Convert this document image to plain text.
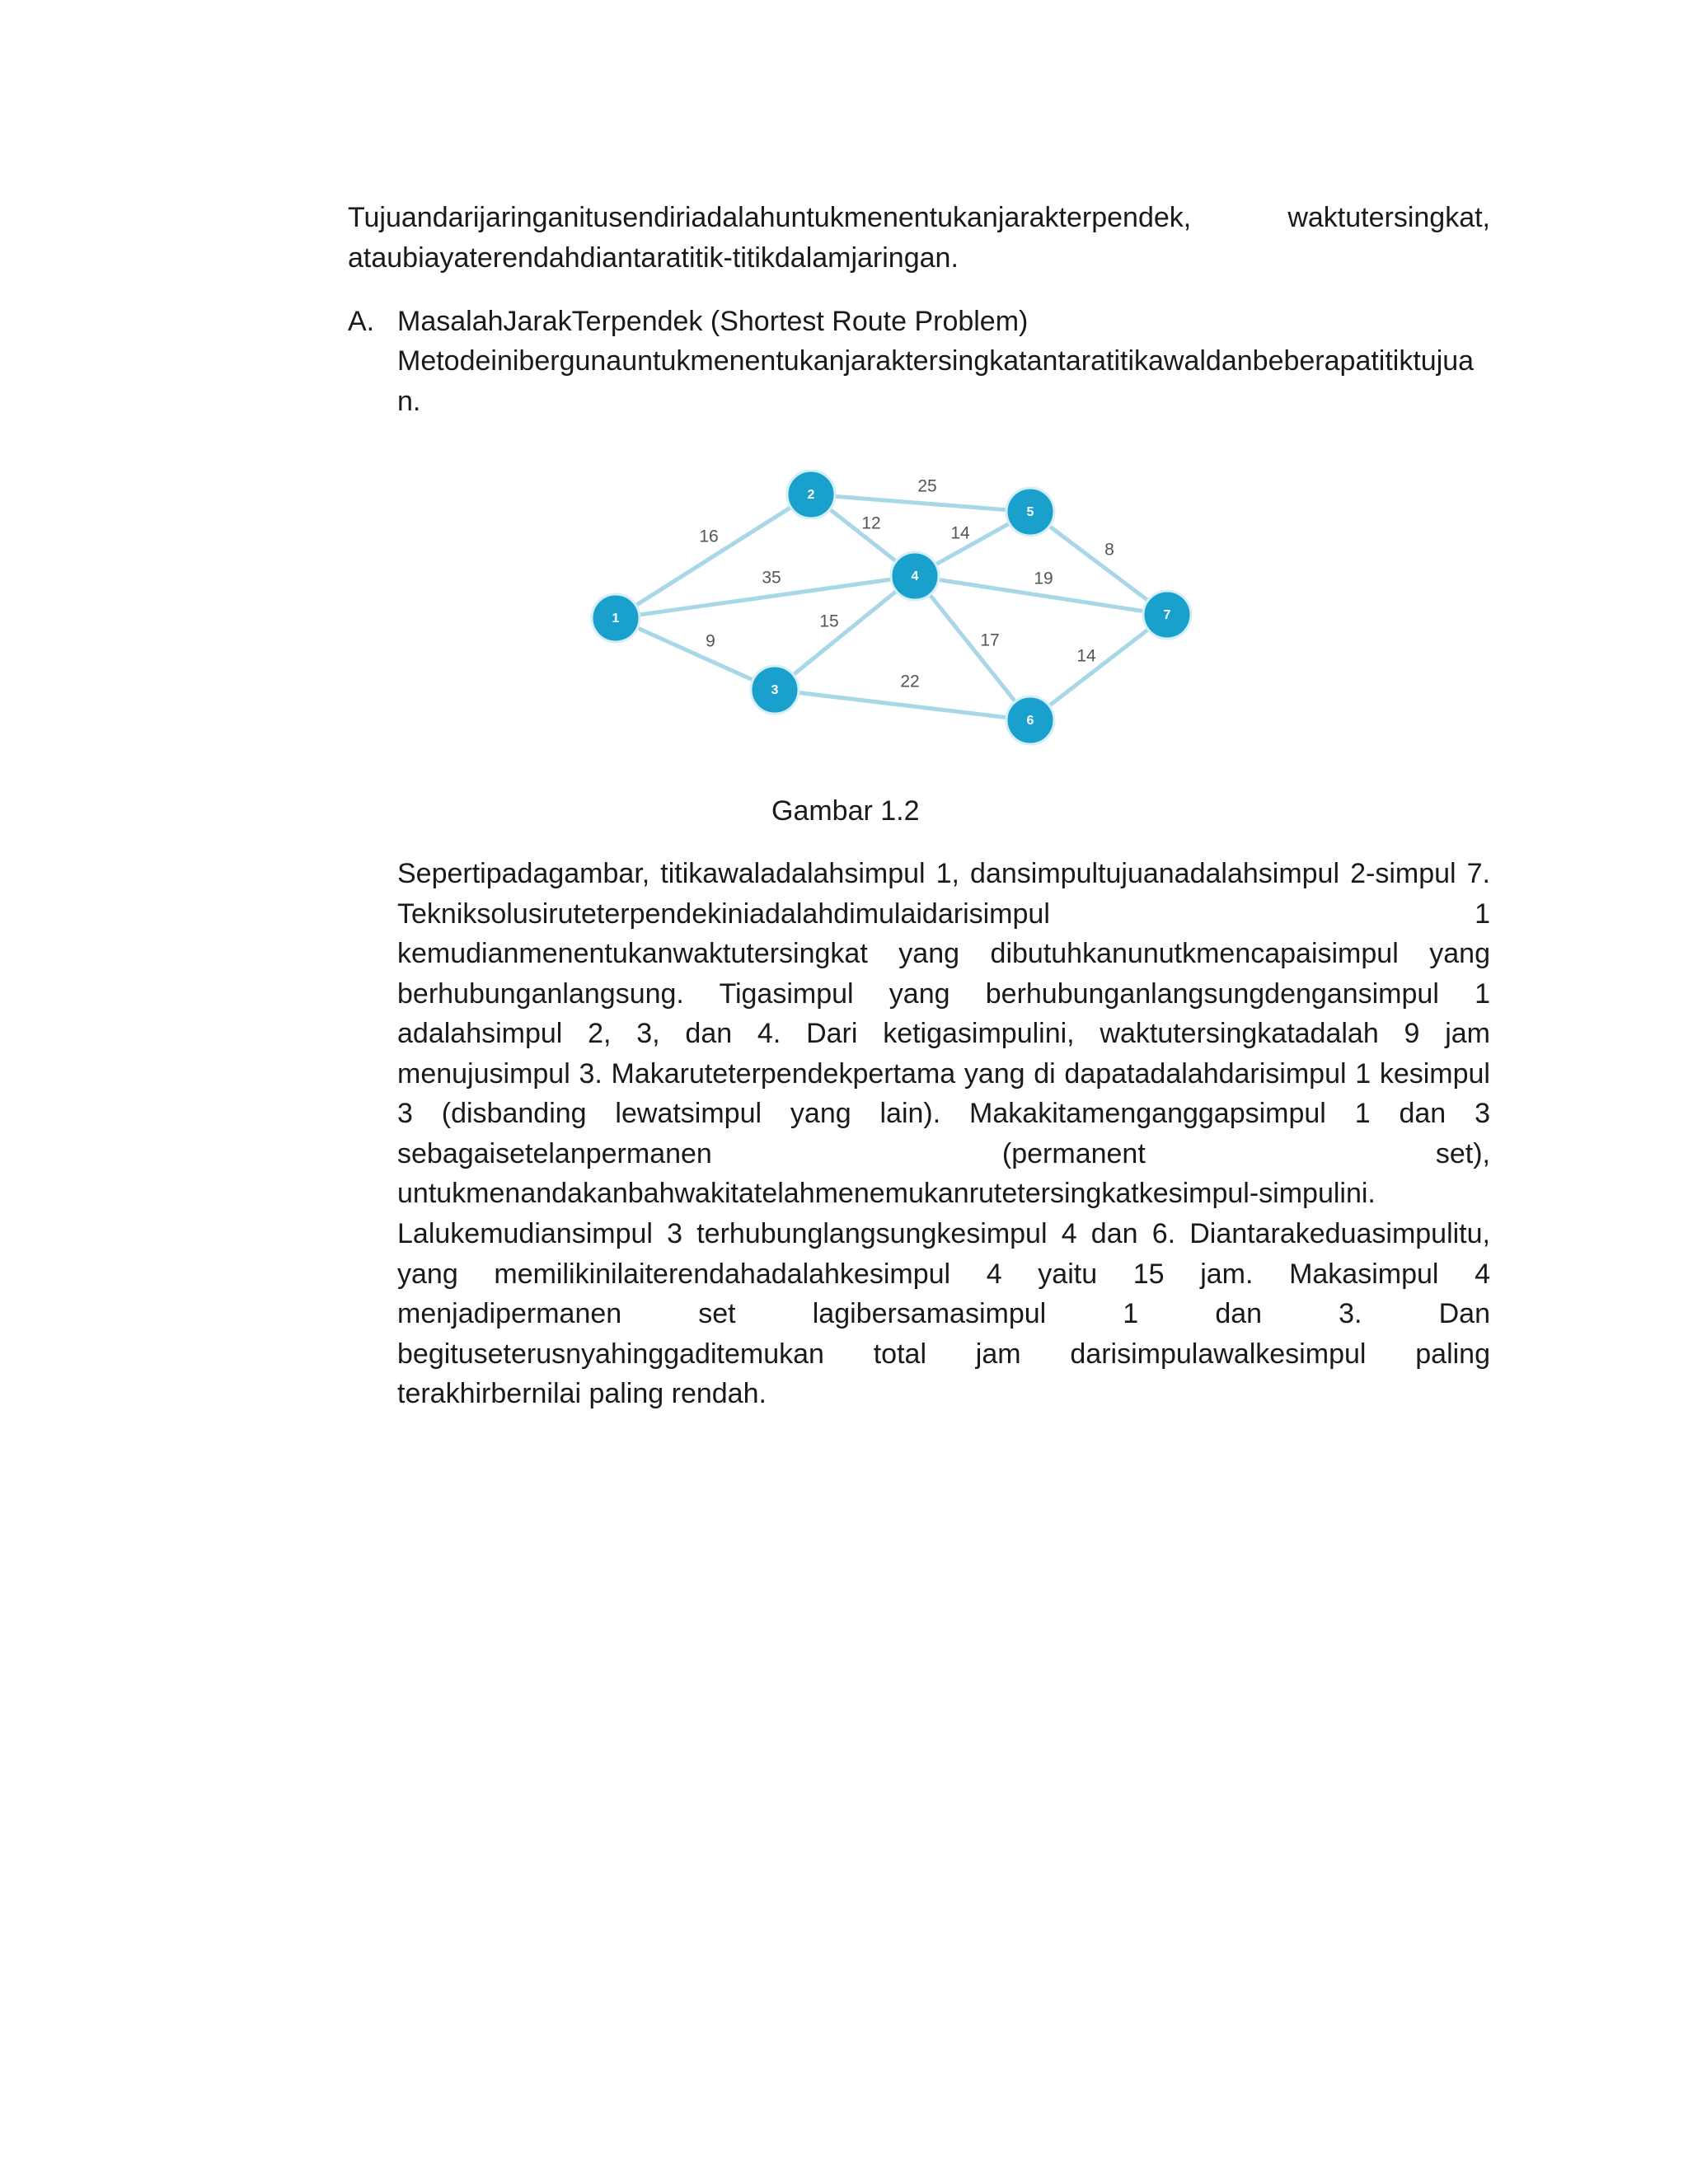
Tujuandarijaringanitusendiriadalahuntukmenentukanjarakterpendek, waktutersingkat, ataubiayaterendahdiantaratitik-titikdalamjaringan.

A. MasalahJarakTerpendek (Shortest Route Problem)

Metodeinibergunauntukmenentukanjaraktersingkatantaratitikawaldanbeberapatitiktujuan.

16
35
9
25
12
14
15
19
8
17
22
14
1
2
3
4
5
6
7
Gambar 1.2

Sepertipadagambar, titikawaladalahsimpul 1, dansimpultujuanadalahsimpul 2-simpul 7. Tekniksolusiruteterpendekiniadalahdimulaidarisimpul 1 kemudianmenentukanwaktutersingkat yang dibutuhkanunutkmencapaisimpul yang berhubunganlangsung. Tigasimpul yang berhubunganlangsungdengansimpul 1 adalahsimpul 2, 3, dan 4. Dari ketigasimpulini, waktutersingkatadalah 9 jam menujusimpul 3. Makaruteterpendekpertama yang di dapatadalahdarisimpul 1 kesimpul 3 (disbanding lewatsimpul yang lain). Makakitamenganggapsimpul 1 dan 3 sebagaisetelanpermanen (permanent set), untukmenandakanbahwakitatelahmenemukanrutetersingkatkesimpul-simpulini.

Lalukemudiansimpul 3 terhubunglangsungkesimpul 4 dan 6. Diantarakeduasimpulitu, yang memilikinilaiterendahadalahkesimpul 4 yaitu 15 jam. Makasimpul 4 menjadipermanen set lagibersamasimpul 1 dan 3. Dan begituseterusnyahinggaditemukan total jam darisimpulawalkesimpul paling terakhirbernilai paling rendah.
